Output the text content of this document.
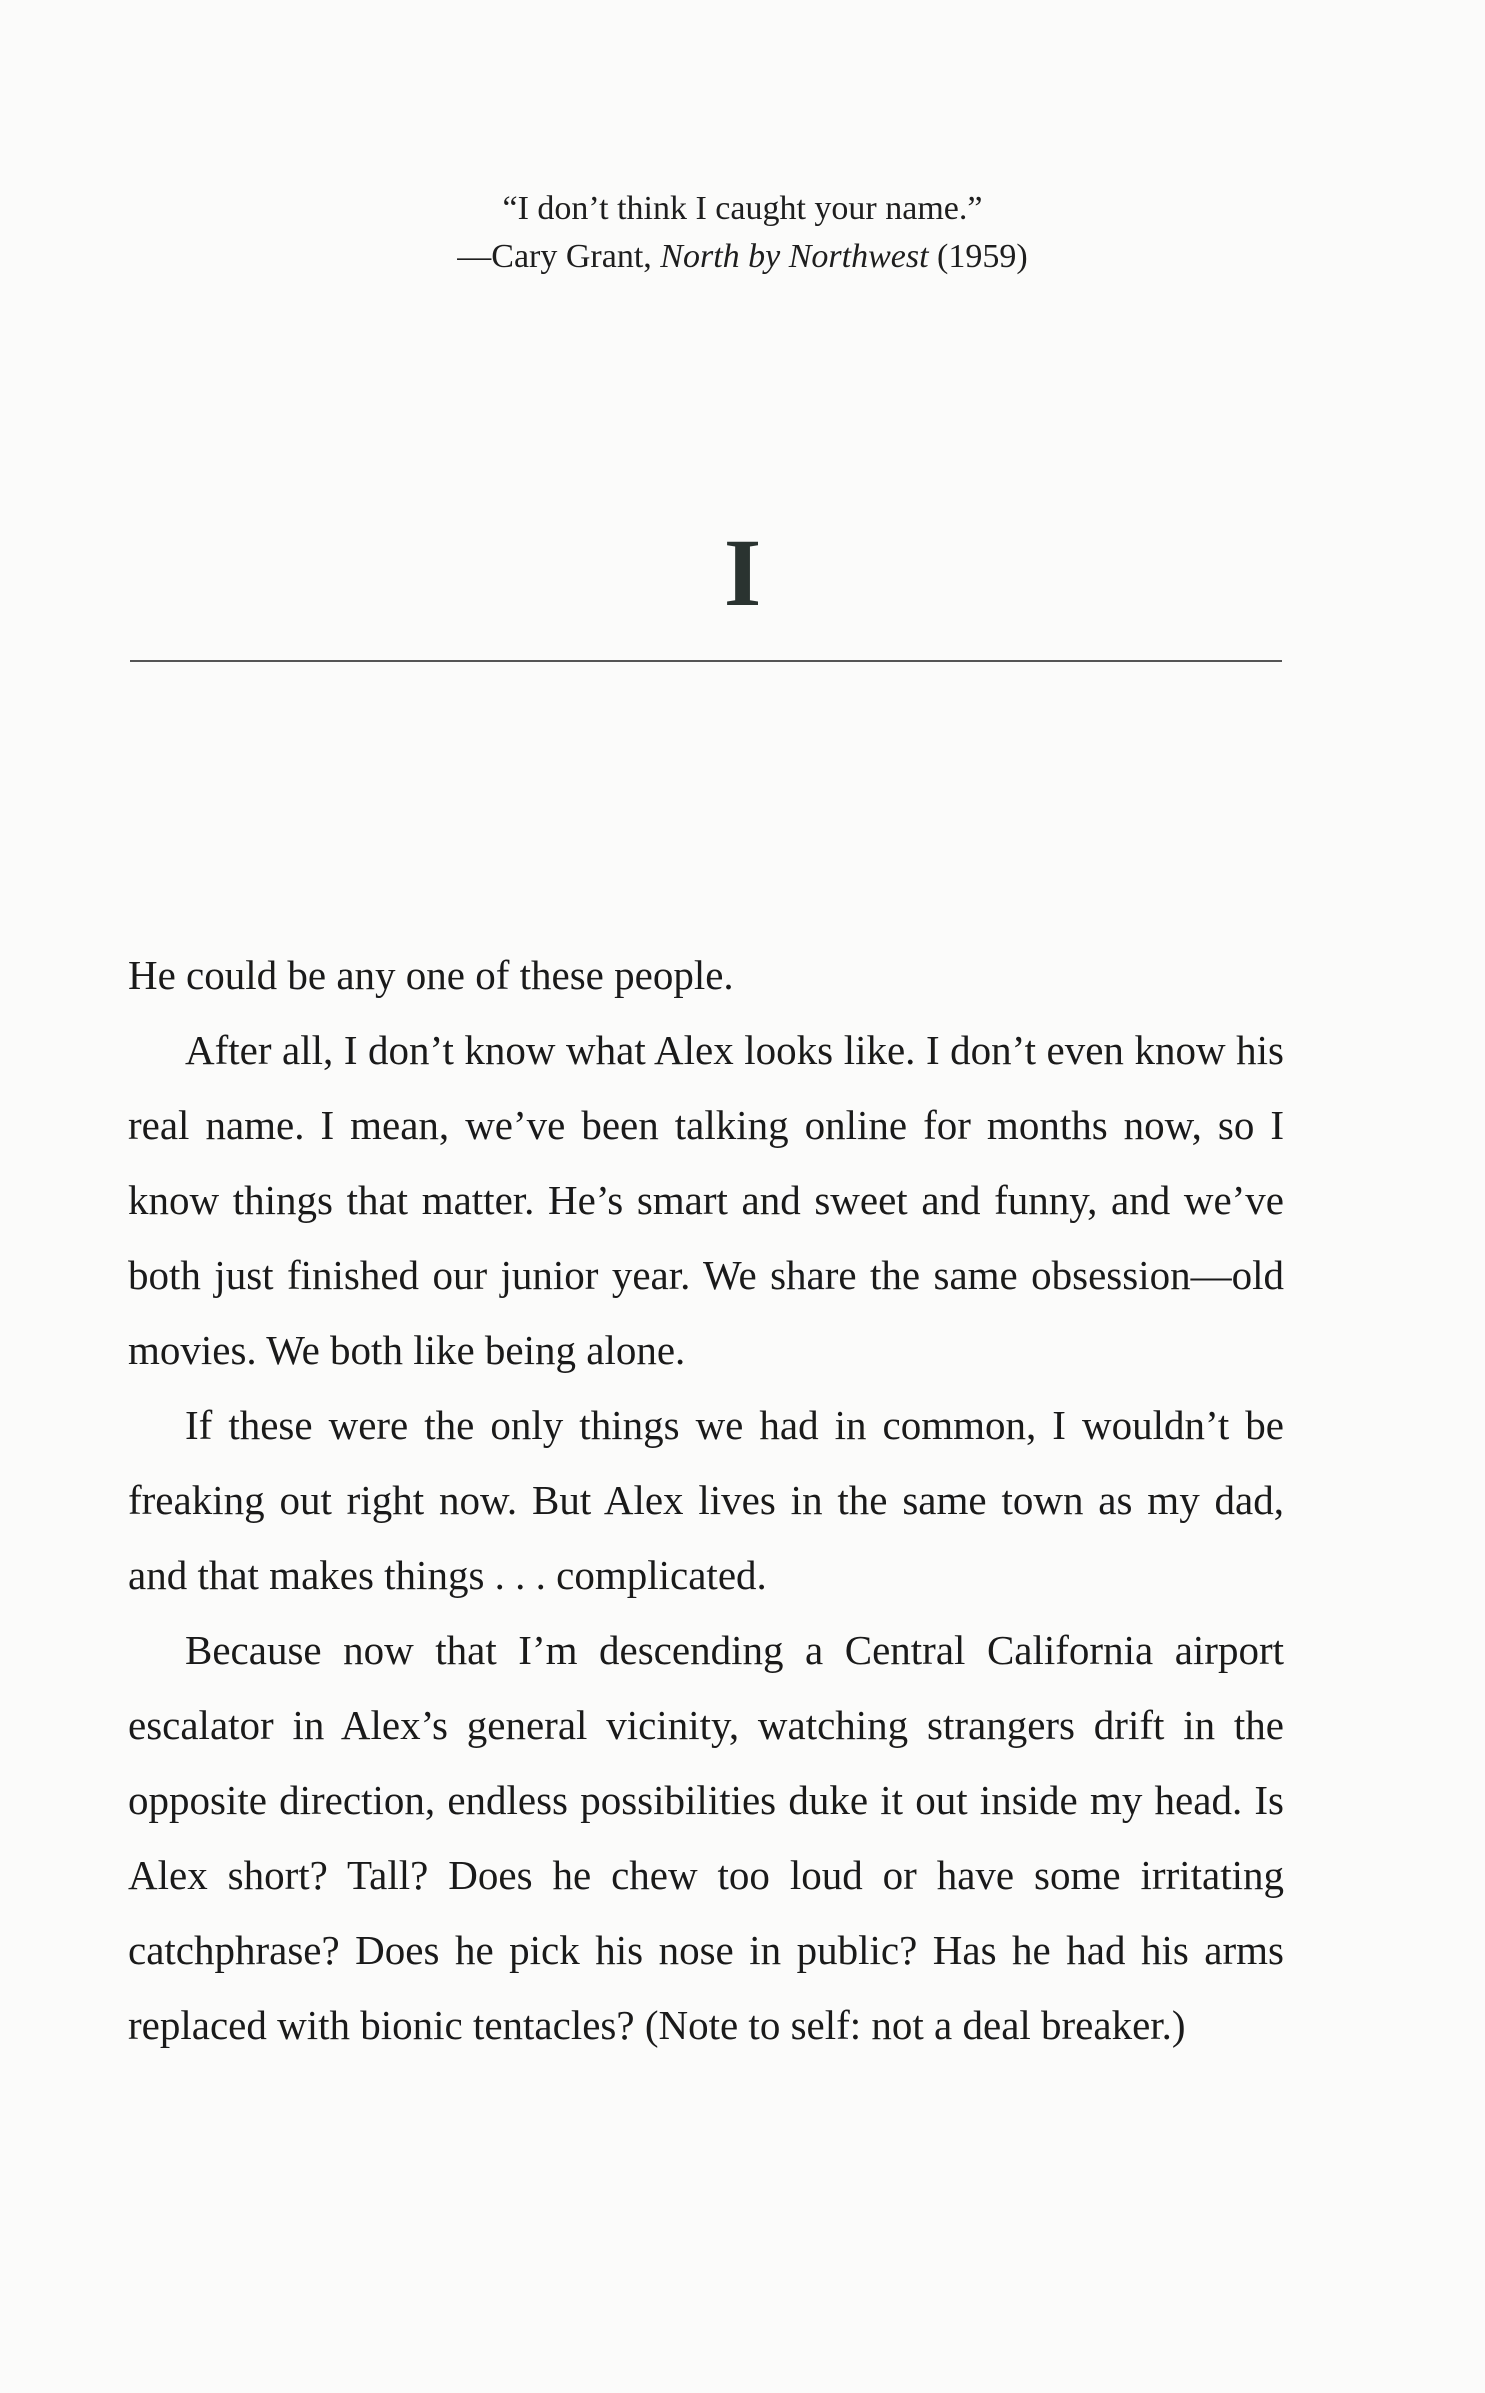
“I don’t think I caught your name.”
—Cary Grant, North by Northwest (1959)
I

He could be any one of these people.

After all, I don’t know what Alex looks like. I don’t even know his real name. I mean, we’ve been talking online for months now, so I know things that matter. He’s smart and sweet and funny, and we’ve both just finished our junior year. We share the same obsession—old movies. We both like being alone.

If these were the only things we had in common, I wouldn’t be freaking out right now. But Alex lives in the same town as my dad, and that makes things . . . complicated.

Because now that I’m descending a Central California airport escalator in Alex’s general vicinity, watching strangers drift in the opposite direction, endless possibilities duke it out inside my head. Is Alex short? Tall? Does he chew too loud or have some irritating catchphrase? Does he pick his nose in public? Has he had his arms replaced with bionic tentacles? (Note to self: not a deal breaker.)
